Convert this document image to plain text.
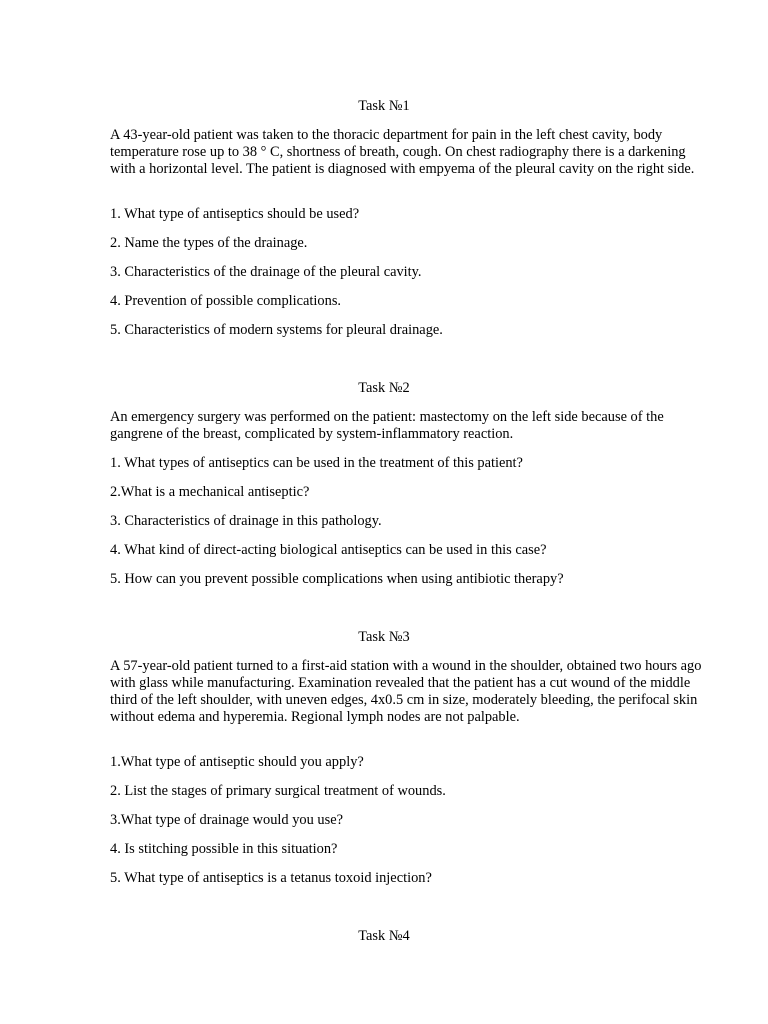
Task №1

A 43-year-old patient was taken to the thoracic department for pain in the left chest cavity, body temperature rose up to 38 ° C, shortness of breath, cough. On chest radiography there is a darkening with a horizontal level. The patient is diagnosed with empyema of the pleural cavity on the right side.

1. What type of antiseptics should be used?

2. Name the types of the drainage.

3. Characteristics of the drainage of the pleural cavity.

4. Prevention of possible complications.

5. Characteristics of modern systems for pleural drainage.

Task №2

An emergency surgery was performed on the patient: mastectomy on the left side because of the gangrene of the breast, complicated by system-inflammatory reaction.

1. What types of antiseptics can be used in the treatment of this patient?

2.What is a mechanical antiseptic?

3. Characteristics of drainage in this pathology.

4. What kind of direct-acting biological antiseptics can be used in this case?

5. How can you prevent possible complications when using antibiotic therapy?

Task №3

A 57-year-old patient turned to a first-aid station with a wound in the shoulder, obtained two hours ago with glass while manufacturing. Examination revealed that the patient has a cut wound of the middle third of the left shoulder, with uneven edges, 4x0.5 cm in size, moderately bleeding, the perifocal skin without edema and hyperemia. Regional lymph nodes are not palpable.

1.What type of antiseptic should you apply?

2. List the stages of primary surgical treatment of wounds.

3.What type of drainage would you use?

4. Is stitching possible in this situation?

5. What type of antiseptics is a tetanus toxoid injection?

Task №4
